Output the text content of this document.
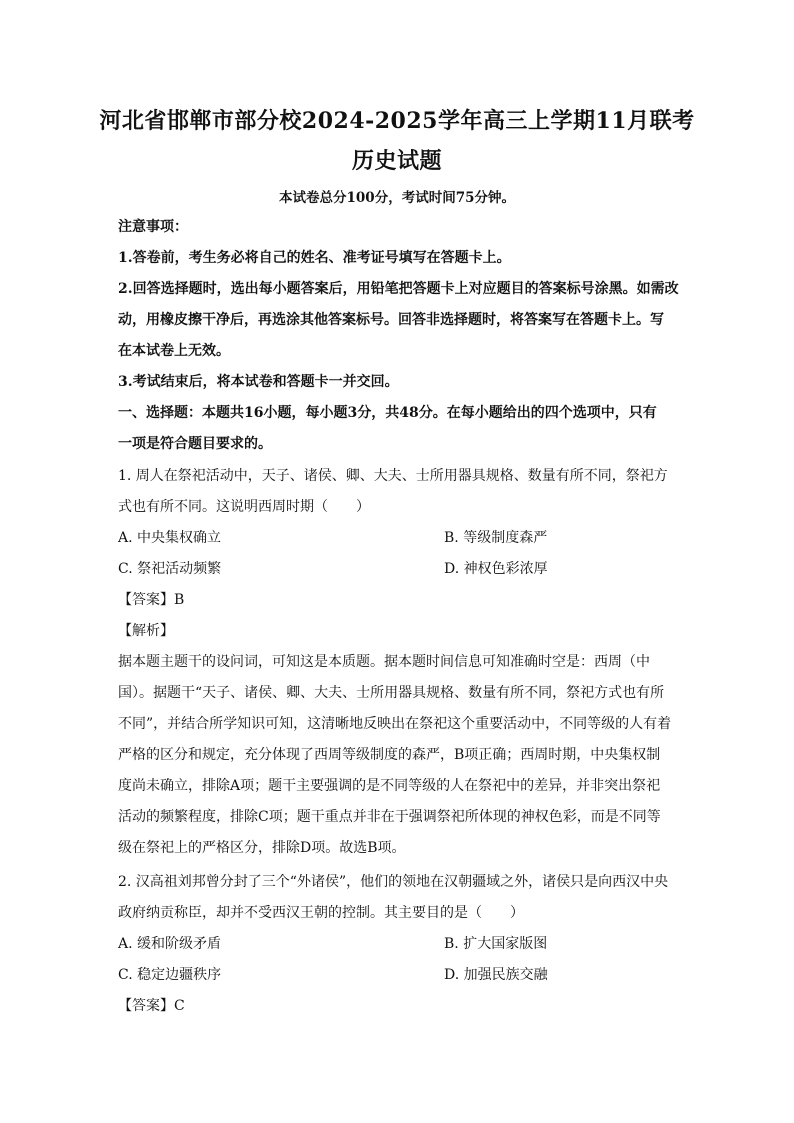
河北省邯郸市部分校2024-2025学年高三上学期11月联考
历史试题
本试卷总分100分，考试时间75分钟。
注意事项：
1.答卷前，考生务必将自己的姓名、准考证号填写在答题卡上。
2.回答选择题时，选出每小题答案后，用铅笔把答题卡上对应题目的答案标号涂黑。如需改
动，用橡皮擦干净后，再选涂其他答案标号。回答非选择题时，将答案写在答题卡上。写
在本试卷上无效。
3.考试结束后，将本试卷和答题卡一并交回。
一、选择题：本题共16小题，每小题3分，共48分。在每小题给出的四个选项中，只有
一项是符合题目要求的。
1. 周人在祭祀活动中，天子、诸侯、卿、大夫、士所用器具规格、数量有所不同，祭祀方
式也有所不同。这说明西周时期（　　）
A. 中央集权确立	B. 等级制度森严
C. 祭祀活动频繁	D. 神权色彩浓厚
【答案】B
【解析】
据本题主题干的设问词，可知这是本质题。据本题时间信息可知准确时空是：西周（中
国）。据题干“天子、诸侯、卿、大夫、士所用器具规格、数量有所不同，祭祀方式也有所
不同”，并结合所学知识可知，这清晰地反映出在祭祀这个重要活动中，不同等级的人有着
严格的区分和规定，充分体现了西周等级制度的森严，B项正确；西周时期，中央集权制
度尚未确立，排除A项；题干主要强调的是不同等级的人在祭祀中的差异，并非突出祭祀
活动的频繁程度，排除C项；题干重点并非在于强调祭祀所体现的神权色彩，而是不同等
级在祭祀上的严格区分，排除D项。故选B项。
2. 汉高祖刘邦曾分封了三个“外诸侯”，他们的领地在汉朝疆域之外，诸侯只是向西汉中央
政府纳贡称臣，却并不受西汉王朝的控制。其主要目的是（　　）
A. 缓和阶级矛盾	B. 扩大国家版图
C. 稳定边疆秩序	D. 加强民族交融
【答案】C
